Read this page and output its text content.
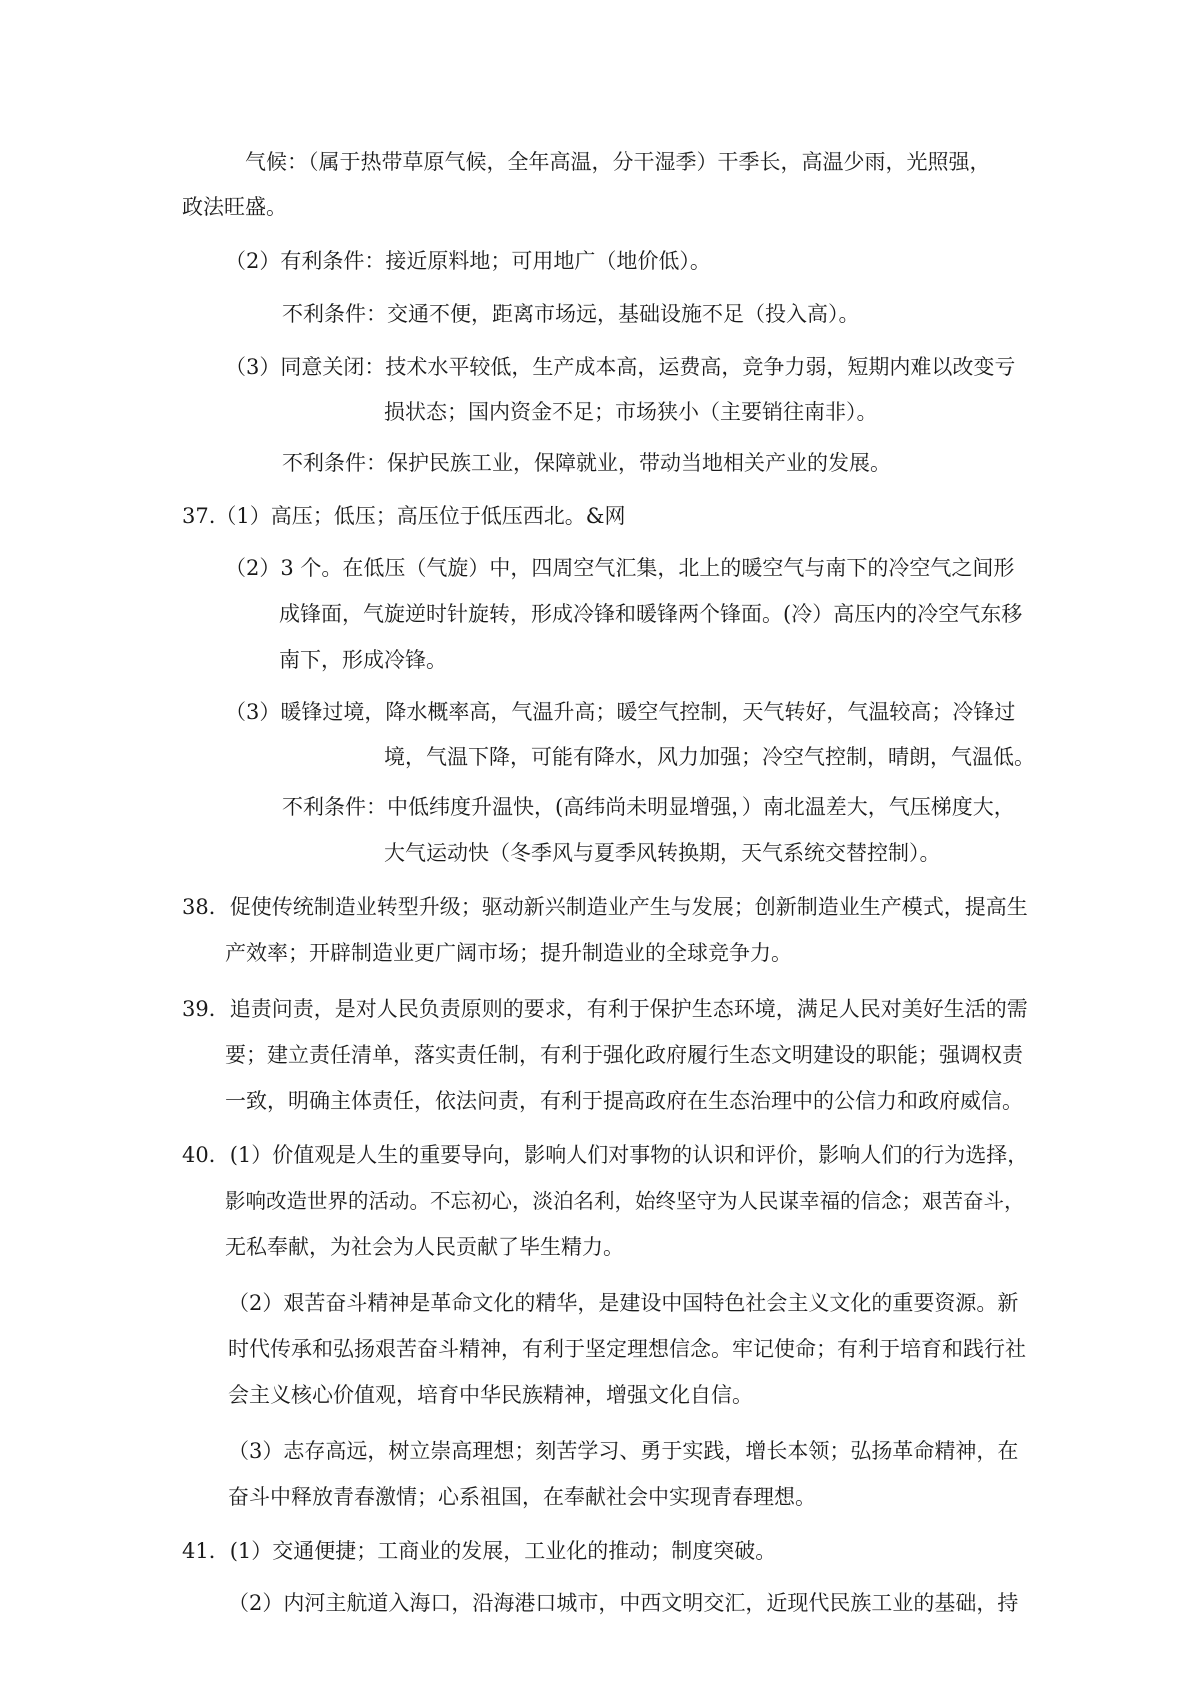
气候：（属于热带草原气候，全年高温，分干湿季）干季长，高温少雨，光照强，
政法旺盛。
（2）有利条件：接近原料地；可用地广（地价低）。
不利条件：交通不便，距离市场远，基础设施不足（投入高）。
（3）同意关闭：技术水平较低，生产成本高，运费高，竞争力弱，短期内难以改变亏
损状态；国内资金不足；市场狭小（主要销往南非）。
不利条件：保护民族工业，保障就业，带动当地相关产业的发展。
37.（1）高压；低压；高压位于低压西北。&网
（2）3 个。在低压（气旋）中，四周空气汇集，北上的暖空气与南下的冷空气之间形
成锋面，气旋逆时针旋转，形成冷锋和暖锋两个锋面。(冷）高压内的冷空气东移
南下，形成冷锋。
（3）暖锋过境，降水概率高，气温升高；暖空气控制，天气转好，气温较高；冷锋过
境，气温下降，可能有降水，风力加强；冷空气控制，晴朗，气温低。
不利条件：中低纬度升温快，(高纬尚未明显增强，）南北温差大，气压梯度大，
大气运动快（冬季风与夏季风转换期，天气系统交替控制）。
38．促使传统制造业转型升级；驱动新兴制造业产生与发展；创新制造业生产模式，提高生
产效率；开辟制造业更广阔市场；提升制造业的全球竞争力。
39．追责问责，是对人民负责原则的要求，有利于保护生态环境，满足人民对美好生活的需
要；建立责任清单，落实责任制，有利于强化政府履行生态文明建设的职能；强调权责
一致，明确主体责任，依法问责，有利于提高政府在生态治理中的公信力和政府威信。
40．(1）价值观是人生的重要导向，影响人们对事物的认识和评价，影响人们的行为选择，
影响改造世界的活动。不忘初心，淡泊名利，始终坚守为人民谋幸福的信念；艰苦奋斗，
无私奉献，为社会为人民贡献了毕生精力。
（2）艰苦奋斗精神是革命文化的精华，是建设中国特色社会主义文化的重要资源。新
时代传承和弘扬艰苦奋斗精神，有利于坚定理想信念。牢记使命；有利于培育和践行社
会主义核心价值观，培育中华民族精神，增强文化自信。
（3）志存高远，树立崇高理想；刻苦学习、勇于实践，增长本领；弘扬革命精神，在
奋斗中释放青春激情；心系祖国，在奉献社会中实现青春理想。
41．(1）交通便捷；工商业的发展，工业化的推动；制度突破。
（2）内河主航道入海口，沿海港口城市，中西文明交汇，近现代民族工业的基础，持
